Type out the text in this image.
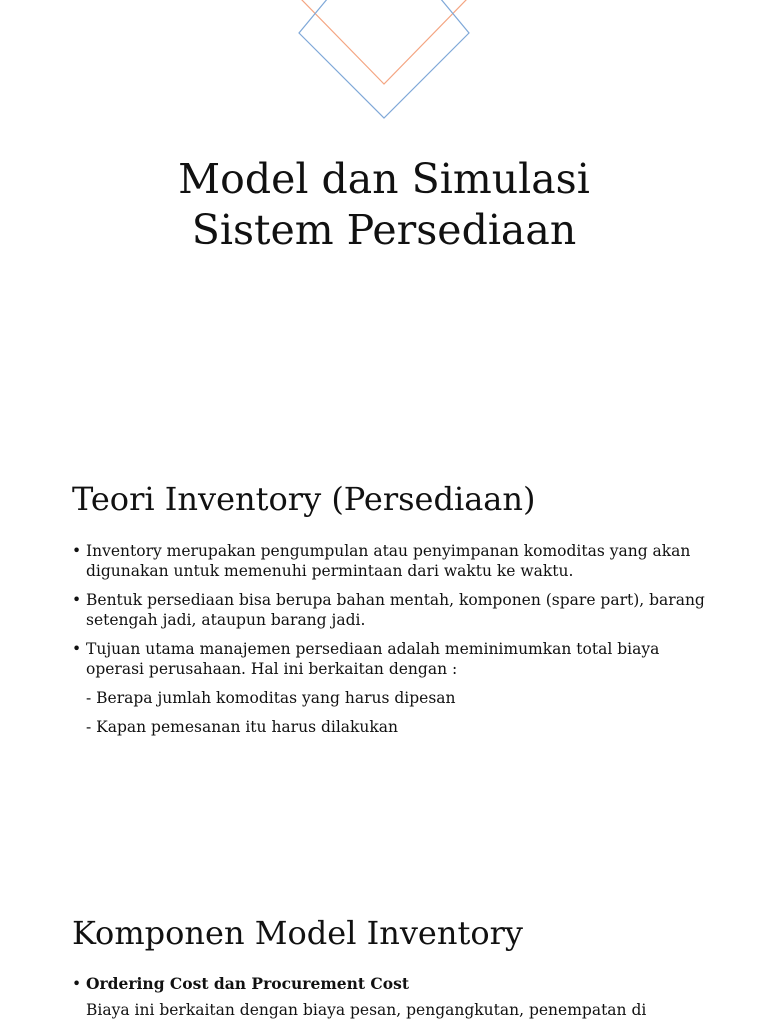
Model dan Simulasi
Sistem Persediaan
Teori Inventory (Persediaan)
• Inventory merupakan pengumpulan atau penyimpanan komoditas yang akan digunakan untuk memenuhi permintaan dari waktu ke waktu.
• Bentuk persediaan bisa berupa bahan mentah, komponen (spare part), barang setengah jadi, ataupun barang jadi.
• Tujuan utama manajemen persediaan adalah meminimumkan total biaya operasi perusahaan. Hal ini berkaitan dengan :
- Berapa jumlah komoditas yang harus dipesan
- Kapan pemesanan itu harus dilakukan
Komponen Model Inventory
• Ordering Cost dan Procurement Cost
Biaya ini berkaitan dengan biaya pesan, pengangkutan, penempatan di
